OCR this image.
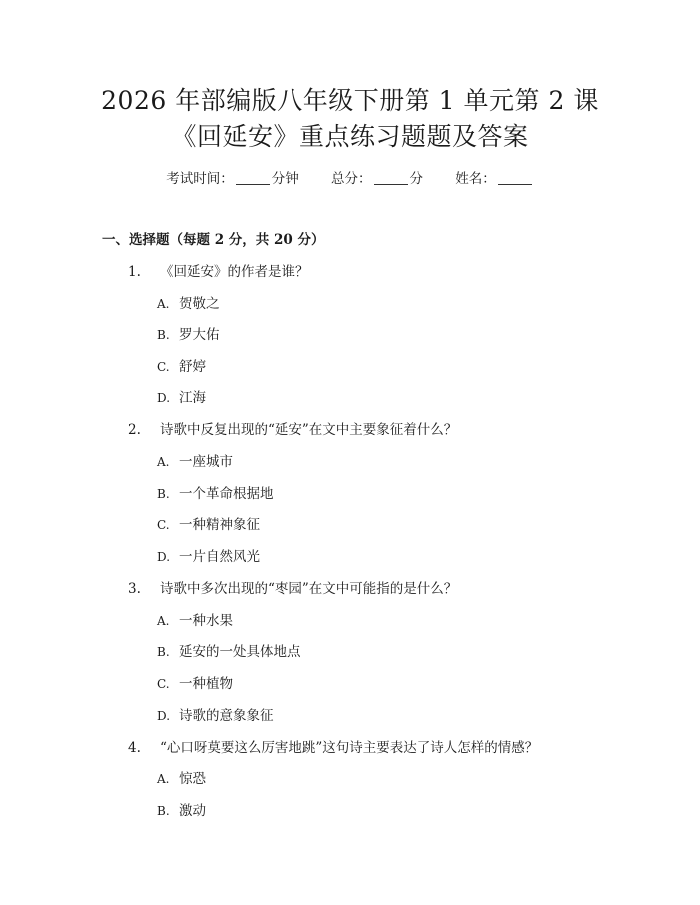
2026 年部编版八年级下册第 1 单元第 2 课
《回延安》重点练习题题及答案
考试时间：	分钟 总分：	分 姓名：
一、选择题（每题 2 分，共 20 分）
1. 《回延安》的作者是谁？
A. 贺敬之
B. 罗大佑
C. 舒婷
D. 江海
2. 诗歌中反复出现的“延安”在文中主要象征着什么？
A. 一座城市
B. 一个革命根据地
C. 一种精神象征
D. 一片自然风光
3. 诗歌中多次出现的“枣园”在文中可能指的是什么？
A. 一种水果
B. 延安的一处具体地点
C. 一种植物
D. 诗歌的意象象征
4. “心口呀莫要这么厉害地跳”这句诗主要表达了诗人怎样的情感？
A. 惊恐
B. 激动
